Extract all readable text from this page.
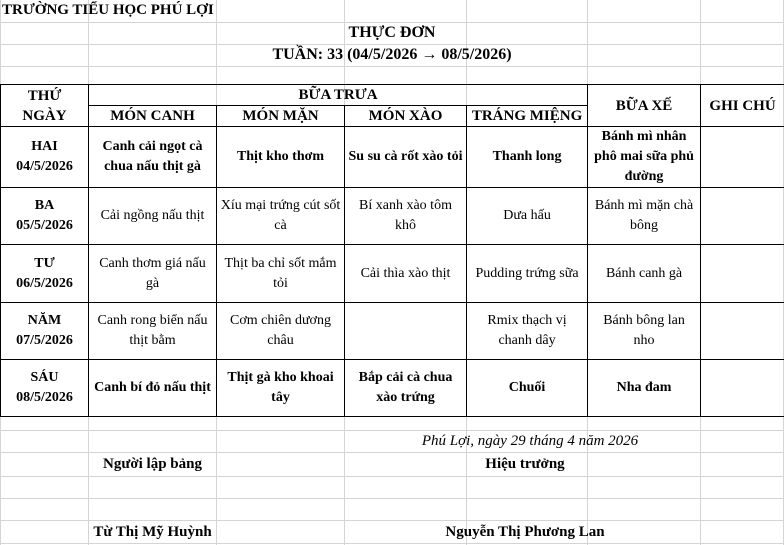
TRƯỜNG TIỂU HỌC PHÚ LỢI
THỰC ĐƠN
TUẦN: 33 (04/5/2026 → 08/5/2026)
THỨ
NGÀY	BỮA TRƯA				BỮA XẾ	GHI CHÚ
	MÓN CANH	MÓN MẶN	MÓN XÀO	TRÁNG MIỆNG		

HAI
04/5/2026	Canh cải ngọt cà chua nấu thịt gà	Thịt kho thơm	Su su cà rốt xào tỏi	Thanh long	Bánh mì nhân phô mai sữa phủ đường	

BA
05/5/2026	Cải ngồng nấu thịt	Xíu mại trứng cút sốt cà	Bí xanh xào tôm khô	Dưa hấu	Bánh mì mặn chà bông	

TƯ
06/5/2026	Canh thơm giá nấu gà	Thịt ba chỉ sốt mắm tỏi	Cải thìa xào thịt	Pudding trứng sữa	Bánh canh gà	

NĂM
07/5/2026	Canh rong biển nấu thịt bằm	Cơm chiên dương châu		Rmix thạch vị chanh dây	Bánh bông lan nho	

SÁU
08/5/2026	Canh bí đỏ nấu thịt	Thịt gà kho khoai tây	Bắp cải cà chua xào trứng	Chuối	Nha đam	
Phú Lợi, ngày 29 tháng 4 năm 2026
Người lập bảng	Hiệu trưởng
Từ Thị Mỹ Huỳnh	Nguyễn Thị Phương Lan
